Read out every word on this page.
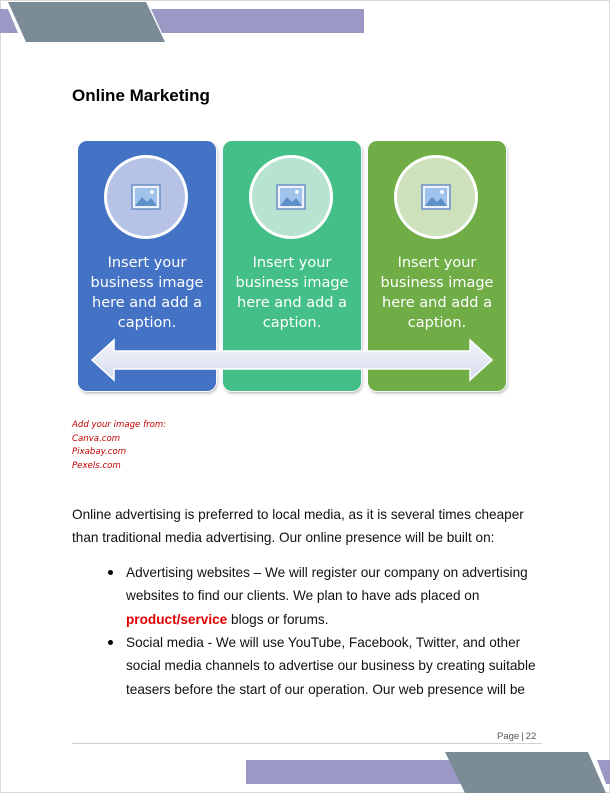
Online Marketing
Insert your business image here and add a caption.
Insert your business image here and add a caption.
Insert your business image here and add a caption.
Add your image from:
Canva.com
Pixabay.com
Pexels.com

Online advertising is preferred to local media, as it is several times cheaper than traditional media advertising. Our online presence will be built on:

Advertising websites – We will register our company on advertising websites to find our clients. We plan to have ads placed on product/service blogs or forums.
Social media - We will use YouTube, Facebook, Twitter, and other social media channels to advertise our business by creating suitable teasers before the start of our operation. Our web presence will be
Page | 22
